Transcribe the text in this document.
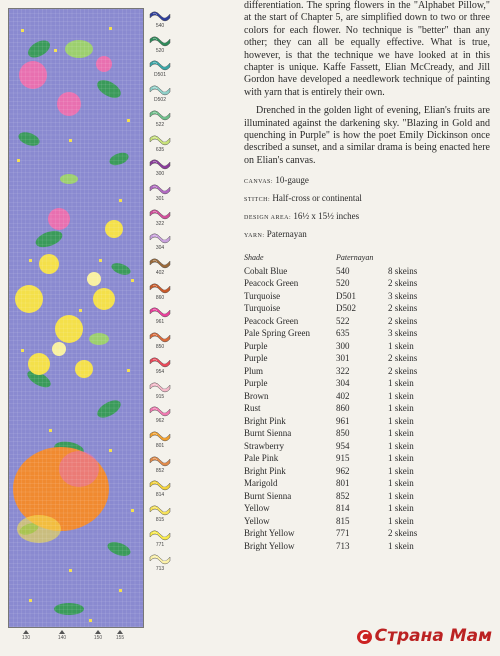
130	140	150	155
540
520
D501
D502
522
635
300
301
322
304
402
860
961
850
954
915
962
801
852
814
815
771
713

differentiation. The spring flowers in the "Alphabet Pillow," at the start of Chapter 5, are simplified down to two or three colors for each flower. No technique is "better" than any other; they can all be equally effective. What is true, however, is that the technique we have looked at in this chapter is unique. Kaffe Fassett, Elian McCready, and Jill Gordon have developed a needlework technique of painting with yarn that is entirely their own.

Drenched in the golden light of evening, Elian's fruits are illuminated against the darkening sky. "Blazing in Gold and quenching in Purple" is how the poet Emily Dickinson once described a sunset, and a similar drama is being enacted here on Elian's canvas.

CANVAS: 10-gauge

STITCH: Half-cross or continental

DESIGN AREA: 16½ x 15½ inches

YARN: Paternayan

Shade	Paternayan	
Cobalt Blue	540	8 skeins
Peacock Green	520	2 skeins
Turquoise	D501	3 skeins
Turquoise	D502	2 skeins
Peacock Green	522	2 skeins
Pale Spring Green	635	3 skeins
Purple	300	1 skein
Purple	301	2 skeins
Plum	322	2 skeins
Purple	304	1 skein
Brown	402	1 skein
Rust	860	1 skein
Bright Pink	961	1 skein
Burnt Sienna	850	1 skein
Strawberry	954	1 skein
Pale Pink	915	1 skein
Bright Pink	962	1 skein
Marigold	801	1 skein
Burnt Sienna	852	1 skein
Yellow	814	1 skein
Yellow	815	1 skein
Bright Yellow	771	2 skeins
Bright Yellow	713	1 skein
C Страна Мам
